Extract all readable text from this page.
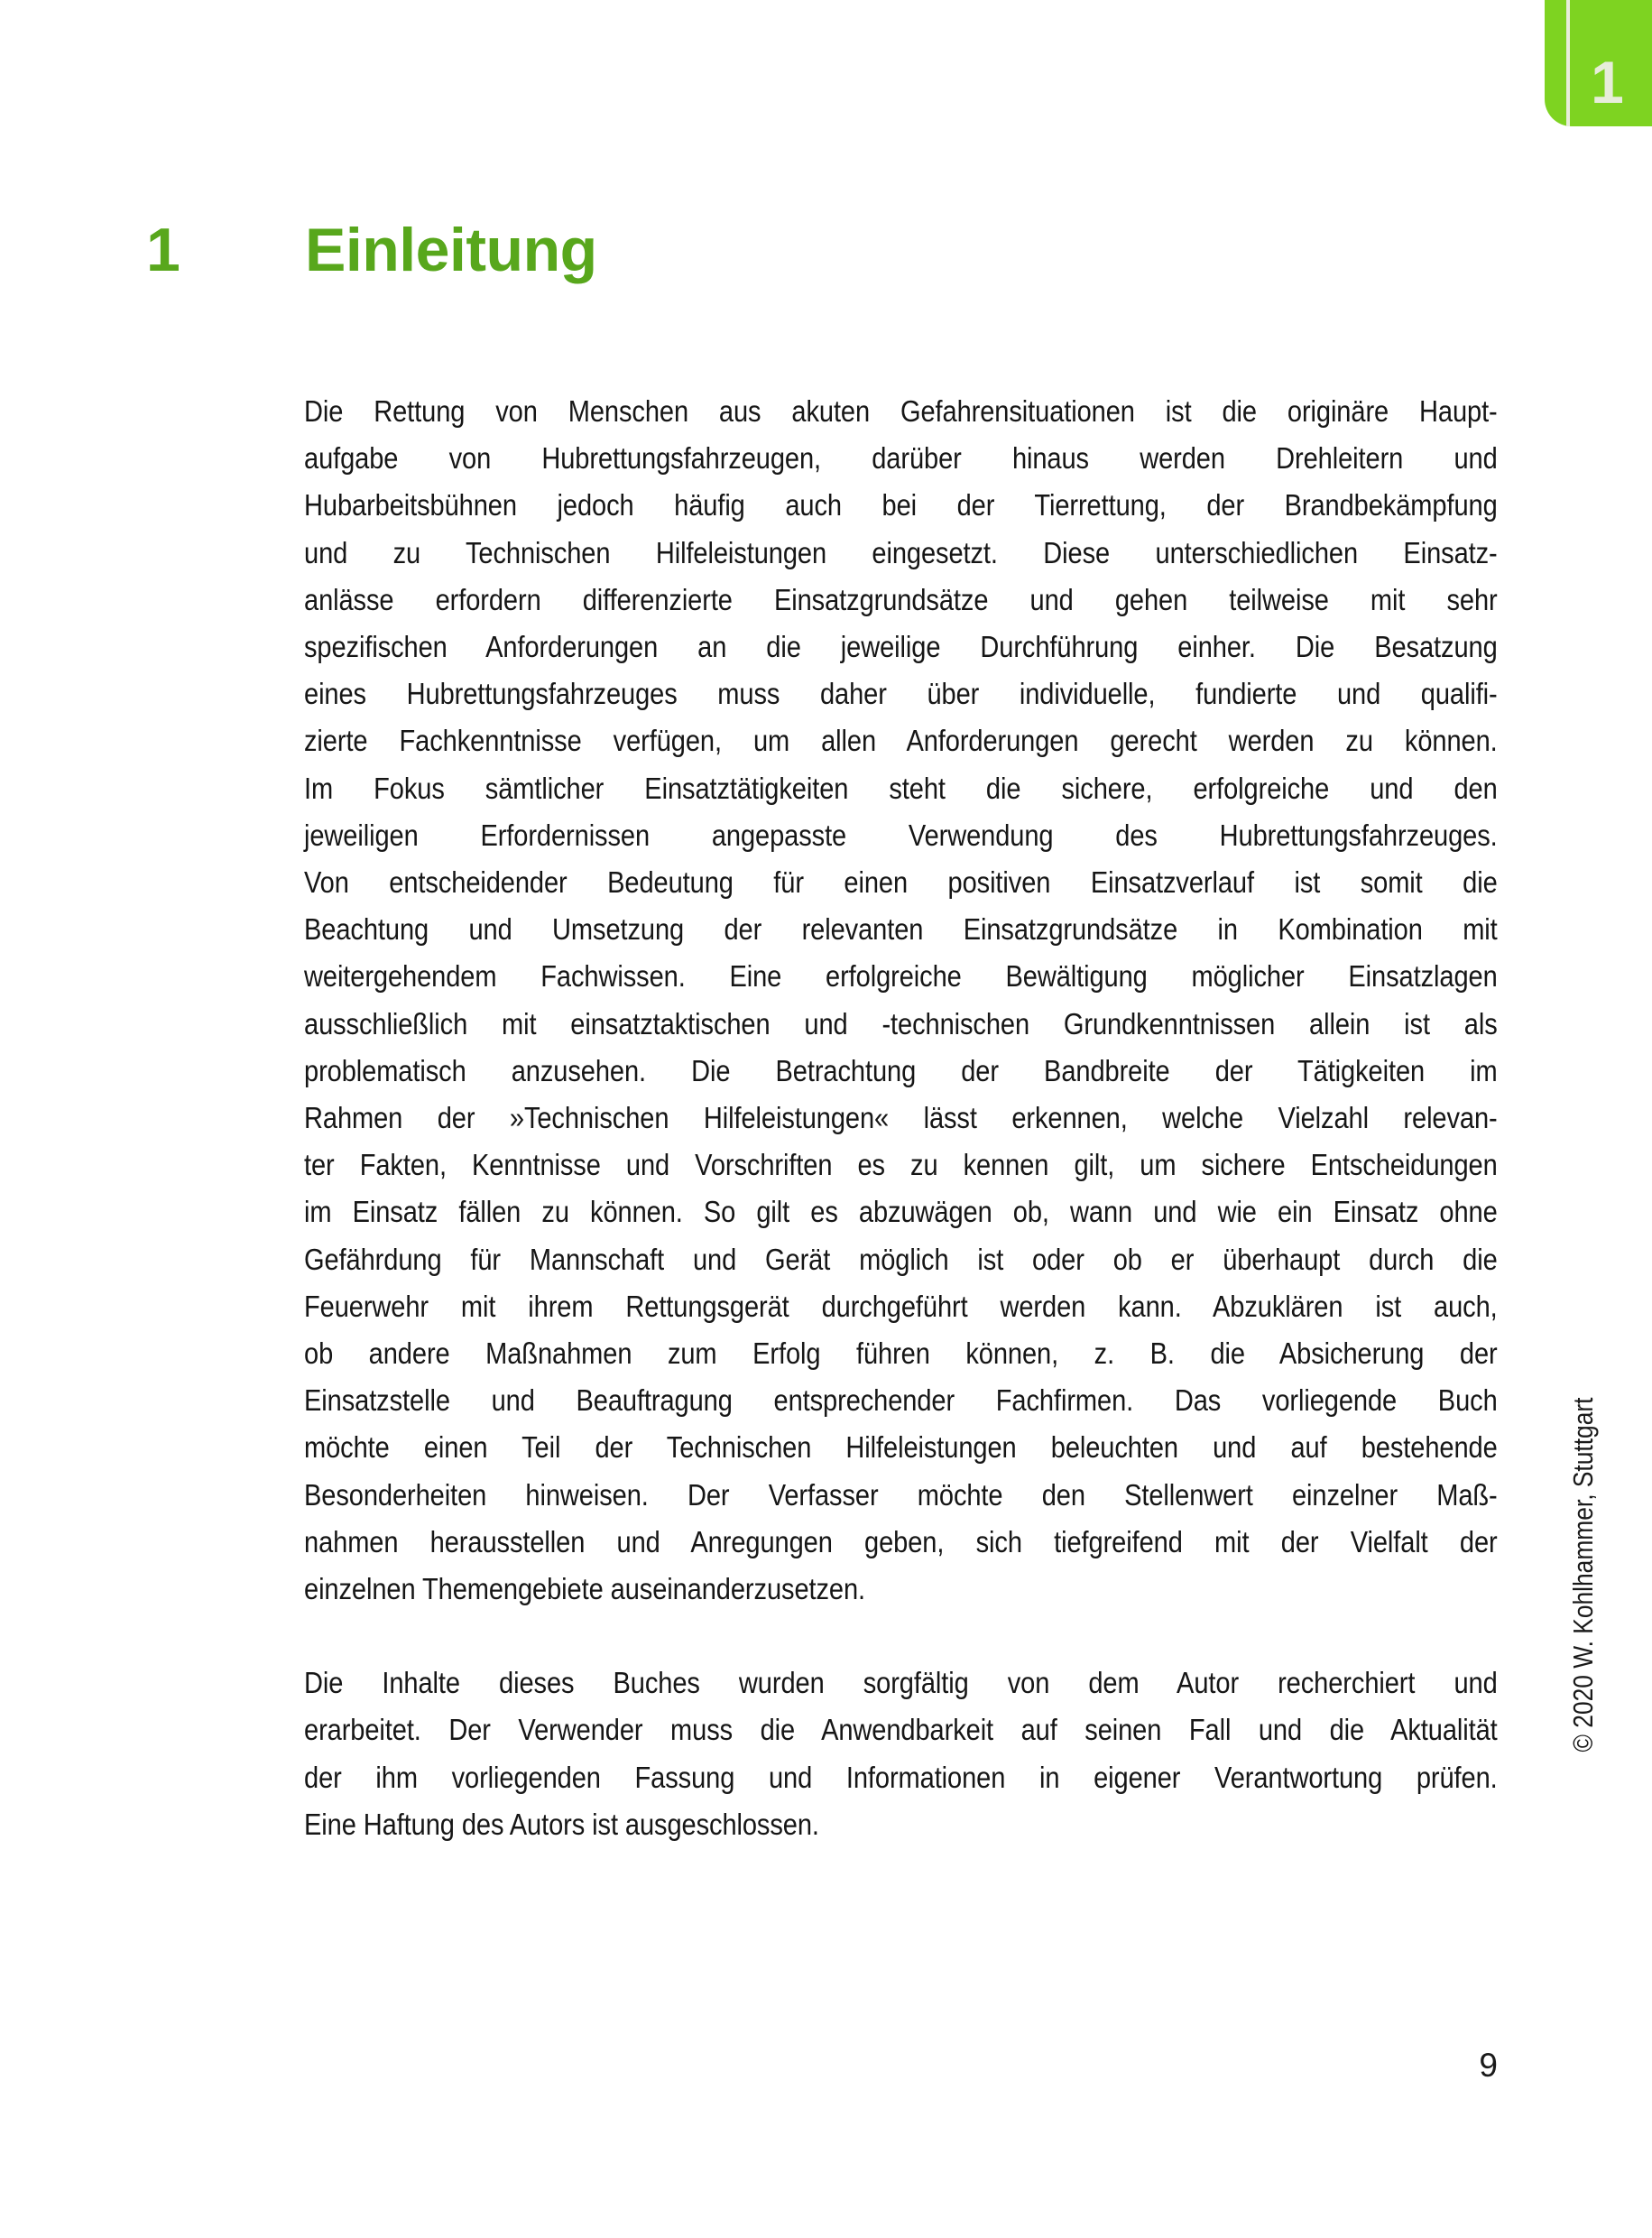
1
1	Einleitung
Die Rettung von Menschen aus akuten Gefahrensituationen ist die originäre Haupt-
aufgabe von Hubrettungsfahrzeugen, darüber hinaus werden Drehleitern und
Hubarbeitsbühnen jedoch häufig auch bei der Tierrettung, der Brandbekämpfung
und zu Technischen Hilfeleistungen eingesetzt. Diese unterschiedlichen Einsatz-
anlässe erfordern differenzierte Einsatzgrundsätze und gehen teilweise mit sehr
spezifischen Anforderungen an die jeweilige Durchführung einher. Die Besatzung
eines Hubrettungsfahrzeuges muss daher über individuelle, fundierte und qualifi-
zierte Fachkenntnisse verfügen, um allen Anforderungen gerecht werden zu können.
Im Fokus sämtlicher Einsatztätigkeiten steht die sichere, erfolgreiche und den
jeweiligen Erfordernissen angepasste Verwendung des Hubrettungsfahrzeuges.
Von entscheidender Bedeutung für einen positiven Einsatzverlauf ist somit die
Beachtung und Umsetzung der relevanten Einsatzgrundsätze in Kombination mit
weitergehendem Fachwissen. Eine erfolgreiche Bewältigung möglicher Einsatzlagen
ausschließlich mit einsatztaktischen und -technischen Grundkenntnissen allein ist als
problematisch anzusehen. Die Betrachtung der Bandbreite der Tätigkeiten im
Rahmen der »Technischen Hilfeleistungen« lässt erkennen, welche Vielzahl relevan-
ter Fakten, Kenntnisse und Vorschriften es zu kennen gilt, um sichere Entscheidungen
im Einsatz fällen zu können. So gilt es abzuwägen ob, wann und wie ein Einsatz ohne
Gefährdung für Mannschaft und Gerät möglich ist oder ob er überhaupt durch die
Feuerwehr mit ihrem Rettungsgerät durchgeführt werden kann. Abzuklären ist auch,
ob andere Maßnahmen zum Erfolg führen können, z. B. die Absicherung der
Einsatzstelle und Beauftragung entsprechender Fachfirmen. Das vorliegende Buch
möchte einen Teil der Technischen Hilfeleistungen beleuchten und auf bestehende
Besonderheiten hinweisen. Der Verfasser möchte den Stellenwert einzelner Maß-
nahmen herausstellen und Anregungen geben, sich tiefgreifend mit der Vielfalt der
einzelnen Themengebiete auseinanderzusetzen.
Die Inhalte dieses Buches wurden sorgfältig von dem Autor recherchiert und
erarbeitet. Der Verwender muss die Anwendbarkeit auf seinen Fall und die Aktualität
der ihm vorliegenden Fassung und Informationen in eigener Verantwortung prüfen.
Eine Haftung des Autors ist ausgeschlossen.
© 2020 W. Kohlhammer, Stuttgart
9
